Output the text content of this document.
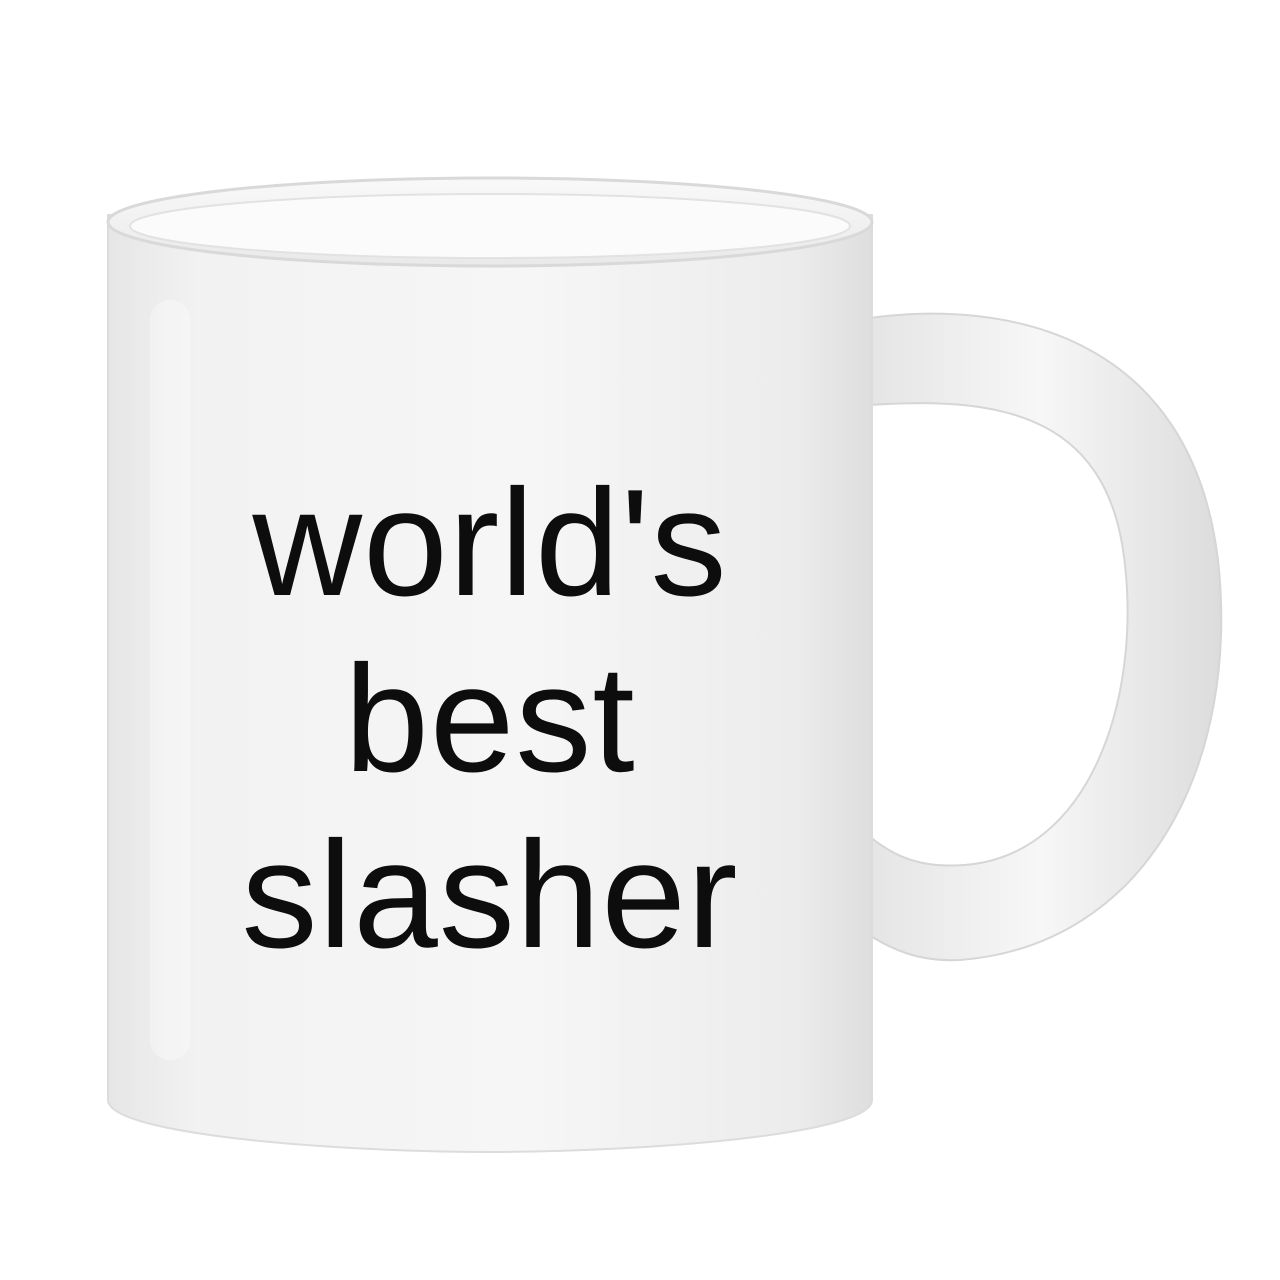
world's
best
slasher
